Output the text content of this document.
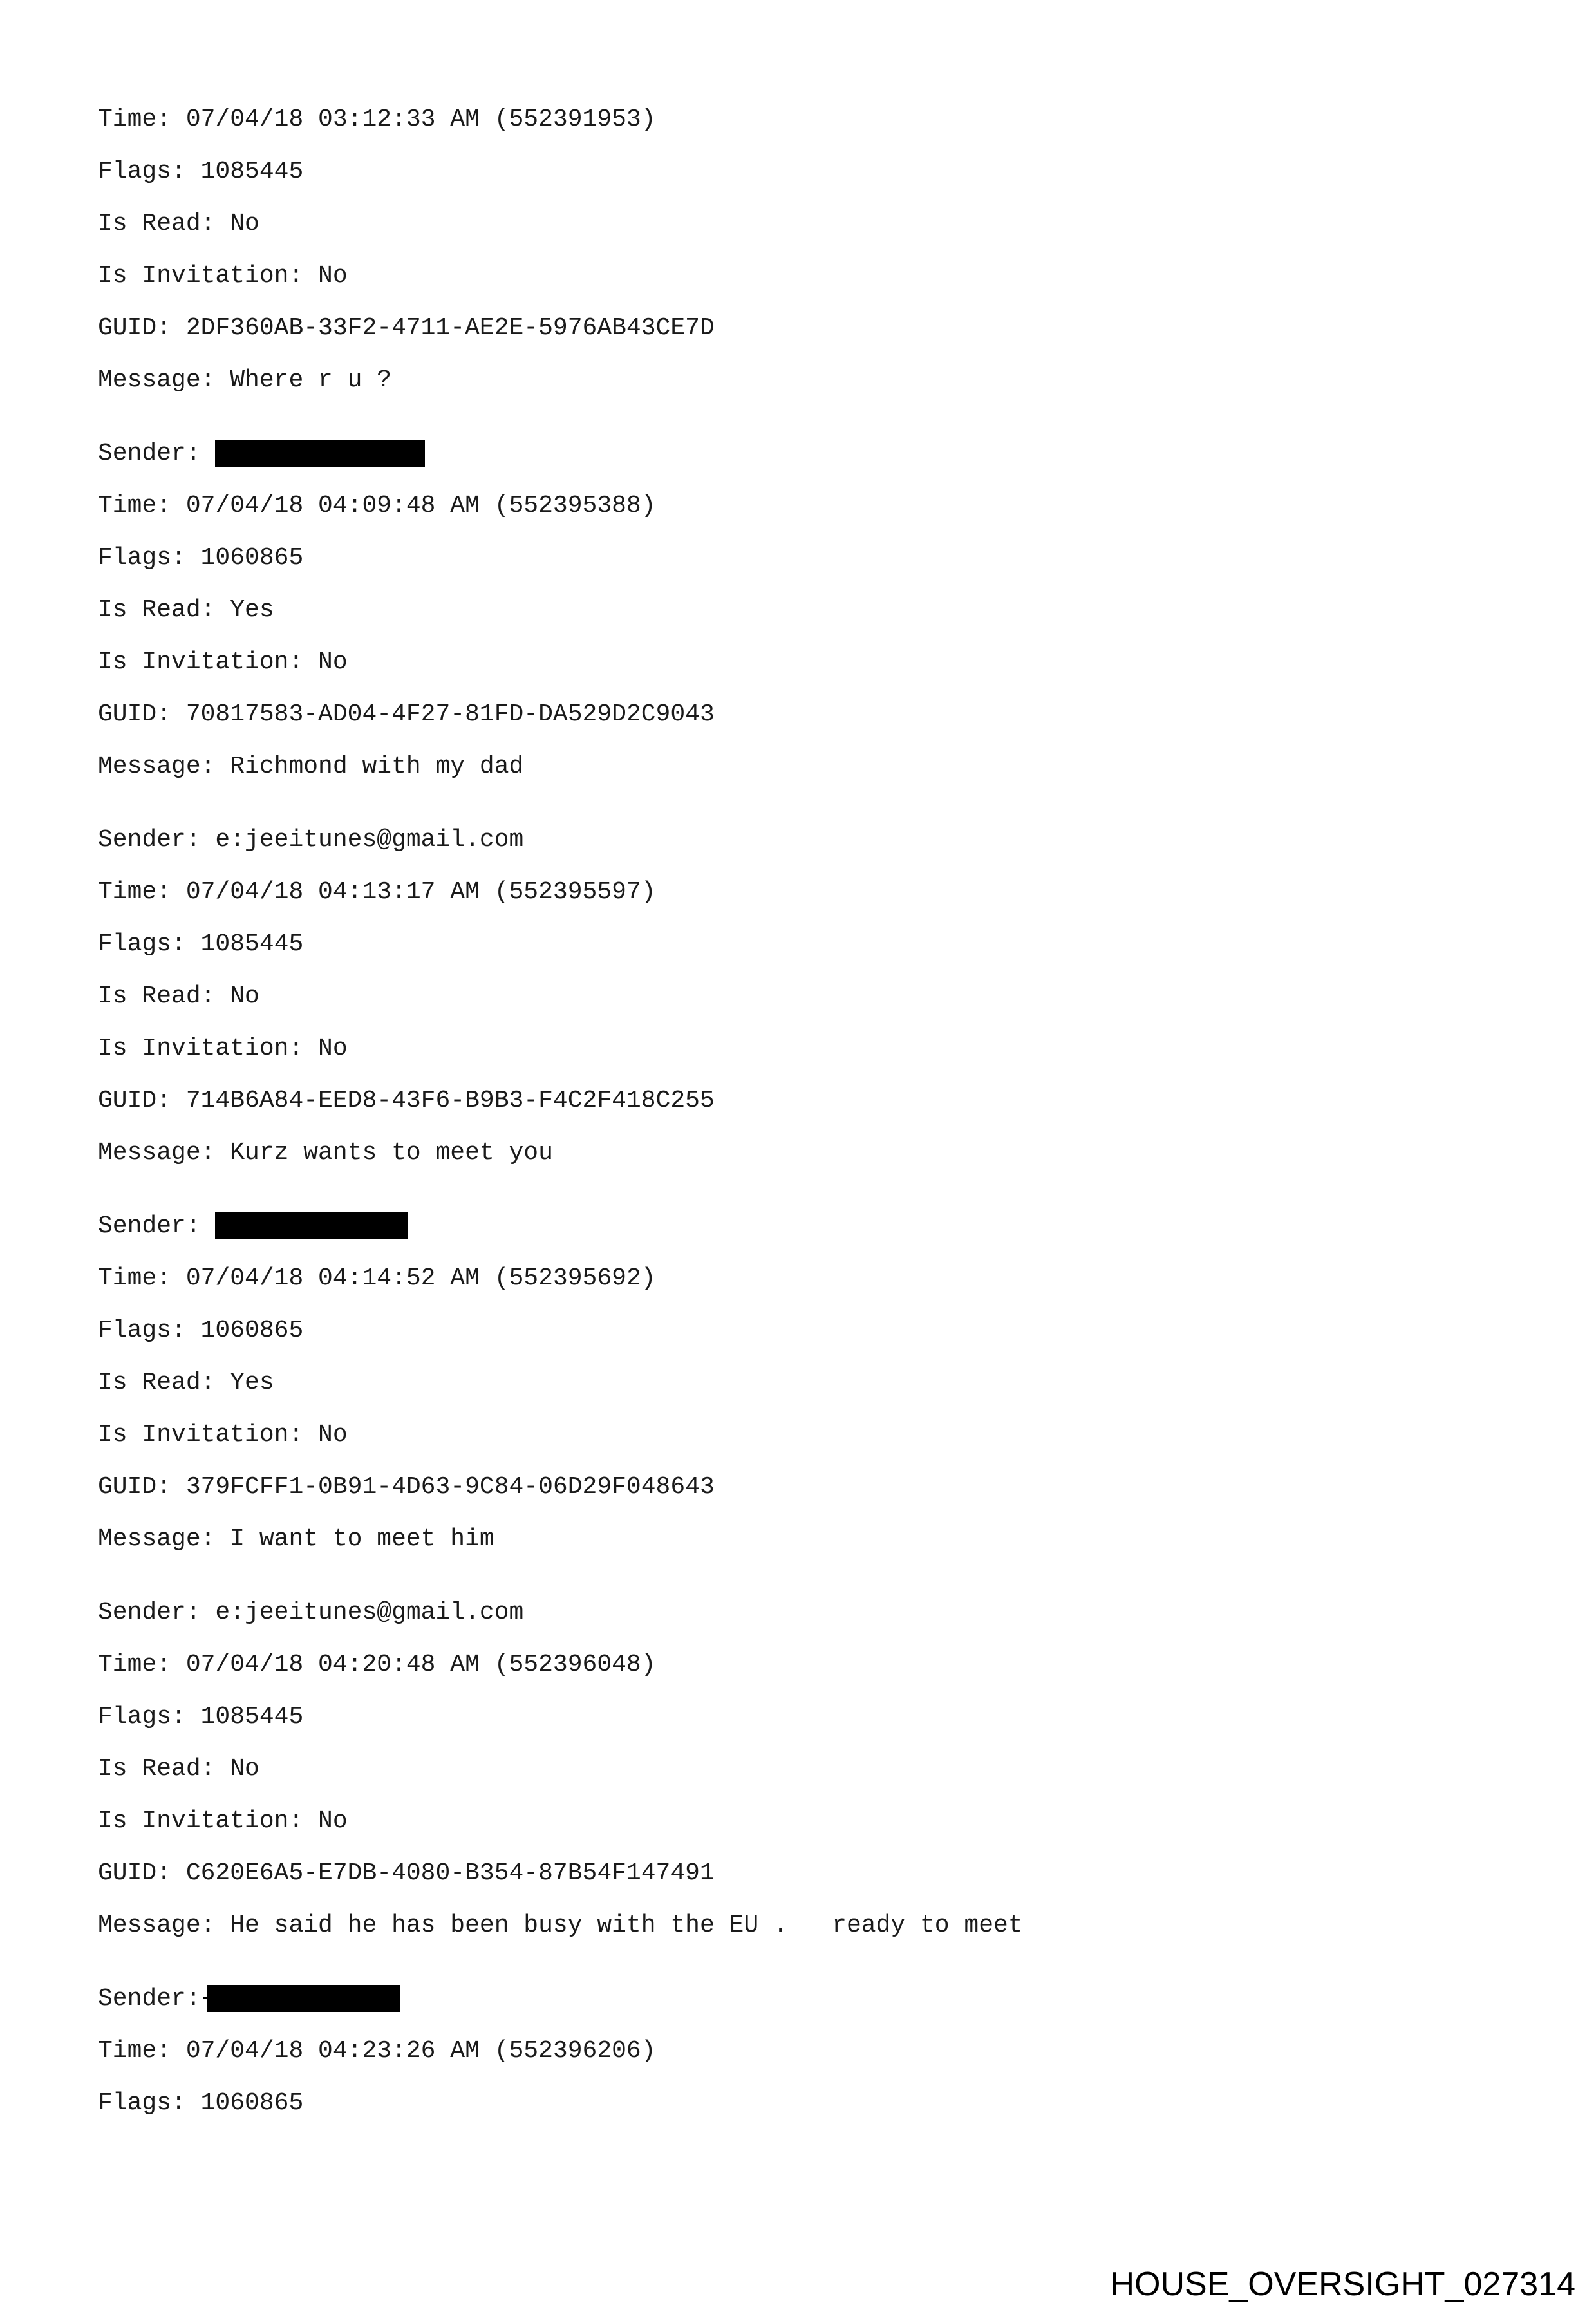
Time: 07/04/18 03:12:33 AM (552391953)
Flags: 1085445
Is Read: No
Is Invitation: No
GUID: 2DF360AB-33F2-4711-AE2E-5976AB43CE7D
Message: Where r u ?
Sender:
Time: 07/04/18 04:09:48 AM (552395388)
Flags: 1060865
Is Read: Yes
Is Invitation: No
GUID: 70817583-AD04-4F27-81FD-DA529D2C9043
Message: Richmond with my dad
Sender: e:jeeitunes@gmail.com
Time: 07/04/18 04:13:17 AM (552395597)
Flags: 1085445
Is Read: No
Is Invitation: No
GUID: 714B6A84-EED8-43F6-B9B3-F4C2F418C255
Message: Kurz wants to meet you
Sender:
Time: 07/04/18 04:14:52 AM (552395692)
Flags: 1060865
Is Read: Yes
Is Invitation: No
GUID: 379FCFF1-0B91-4D63-9C84-06D29F048643
Message: I want to meet him
Sender: e:jeeitunes@gmail.com
Time: 07/04/18 04:20:48 AM (552396048)
Flags: 1085445
Is Read: No
Is Invitation: No
GUID: C620E6A5-E7DB-4080-B354-87B54F147491
Message: He said he has been busy with the EU .   ready to meet
Sender:
Time: 07/04/18 04:23:26 AM (552396206)
Flags: 1060865
HOUSE_OVERSIGHT_027314
